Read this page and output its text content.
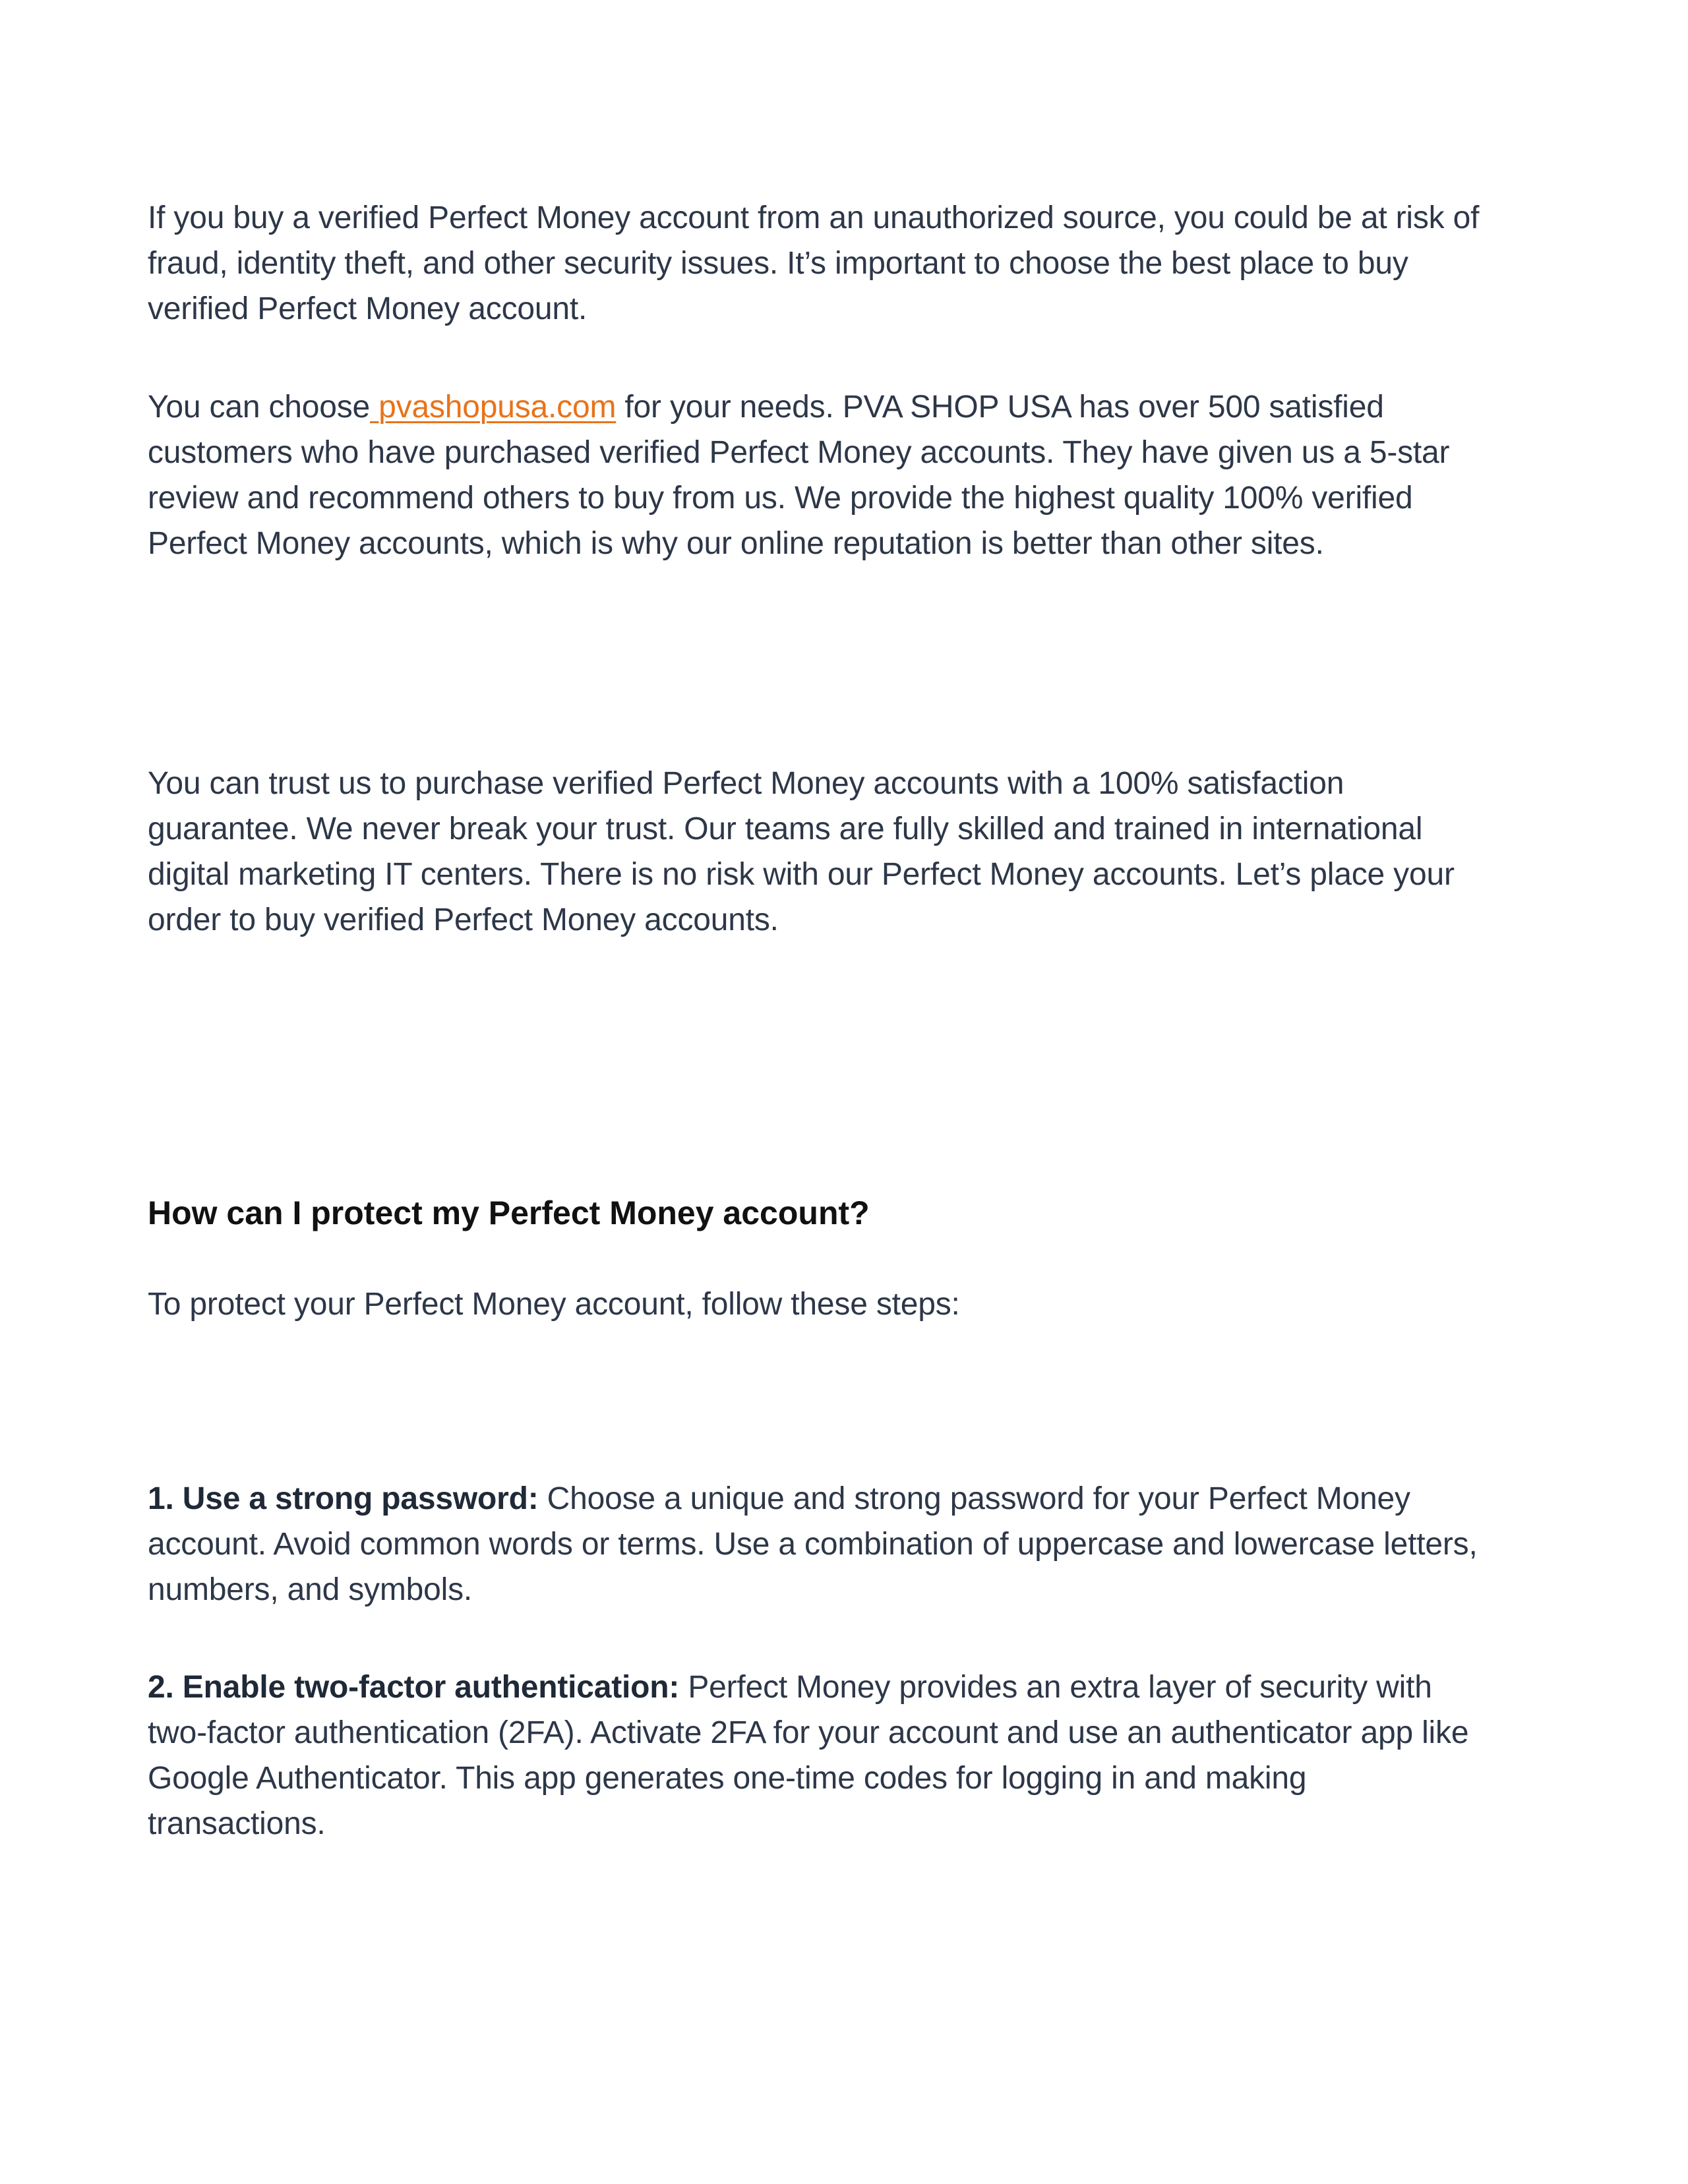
If you buy a verified Perfect Money account from an unauthorized source, you could be at risk of fraud, identity theft, and other security issues. It’s important to choose the best place to buy verified Perfect Money account.

You can choose pvashopusa.com for your needs. PVA SHOP USA has over 500 satisfied customers who have purchased verified Perfect Money accounts. They have given us a 5-star review and recommend others to buy from us. We provide the highest quality 100% verified Perfect Money accounts, which is why our online reputation is better than other sites.

You can trust us to purchase verified Perfect Money accounts with a 100% satisfaction guarantee. We never break your trust. Our teams are fully skilled and trained in international digital marketing IT centers. There is no risk with our Perfect Money accounts. Let’s place your order to buy verified Perfect Money accounts.

How can I protect my Perfect Money account?

To protect your Perfect Money account, follow these steps:

1. Use a strong password: Choose a unique and strong password for your Perfect Money account. Avoid common words or terms. Use a combination of uppercase and lowercase letters, numbers, and symbols.

2. Enable two-factor authentication: Perfect Money provides an extra layer of security with two-factor authentication (2FA). Activate 2FA for your account and use an authenticator app like Google Authenticator. This app generates one-time codes for logging in and making transactions.
